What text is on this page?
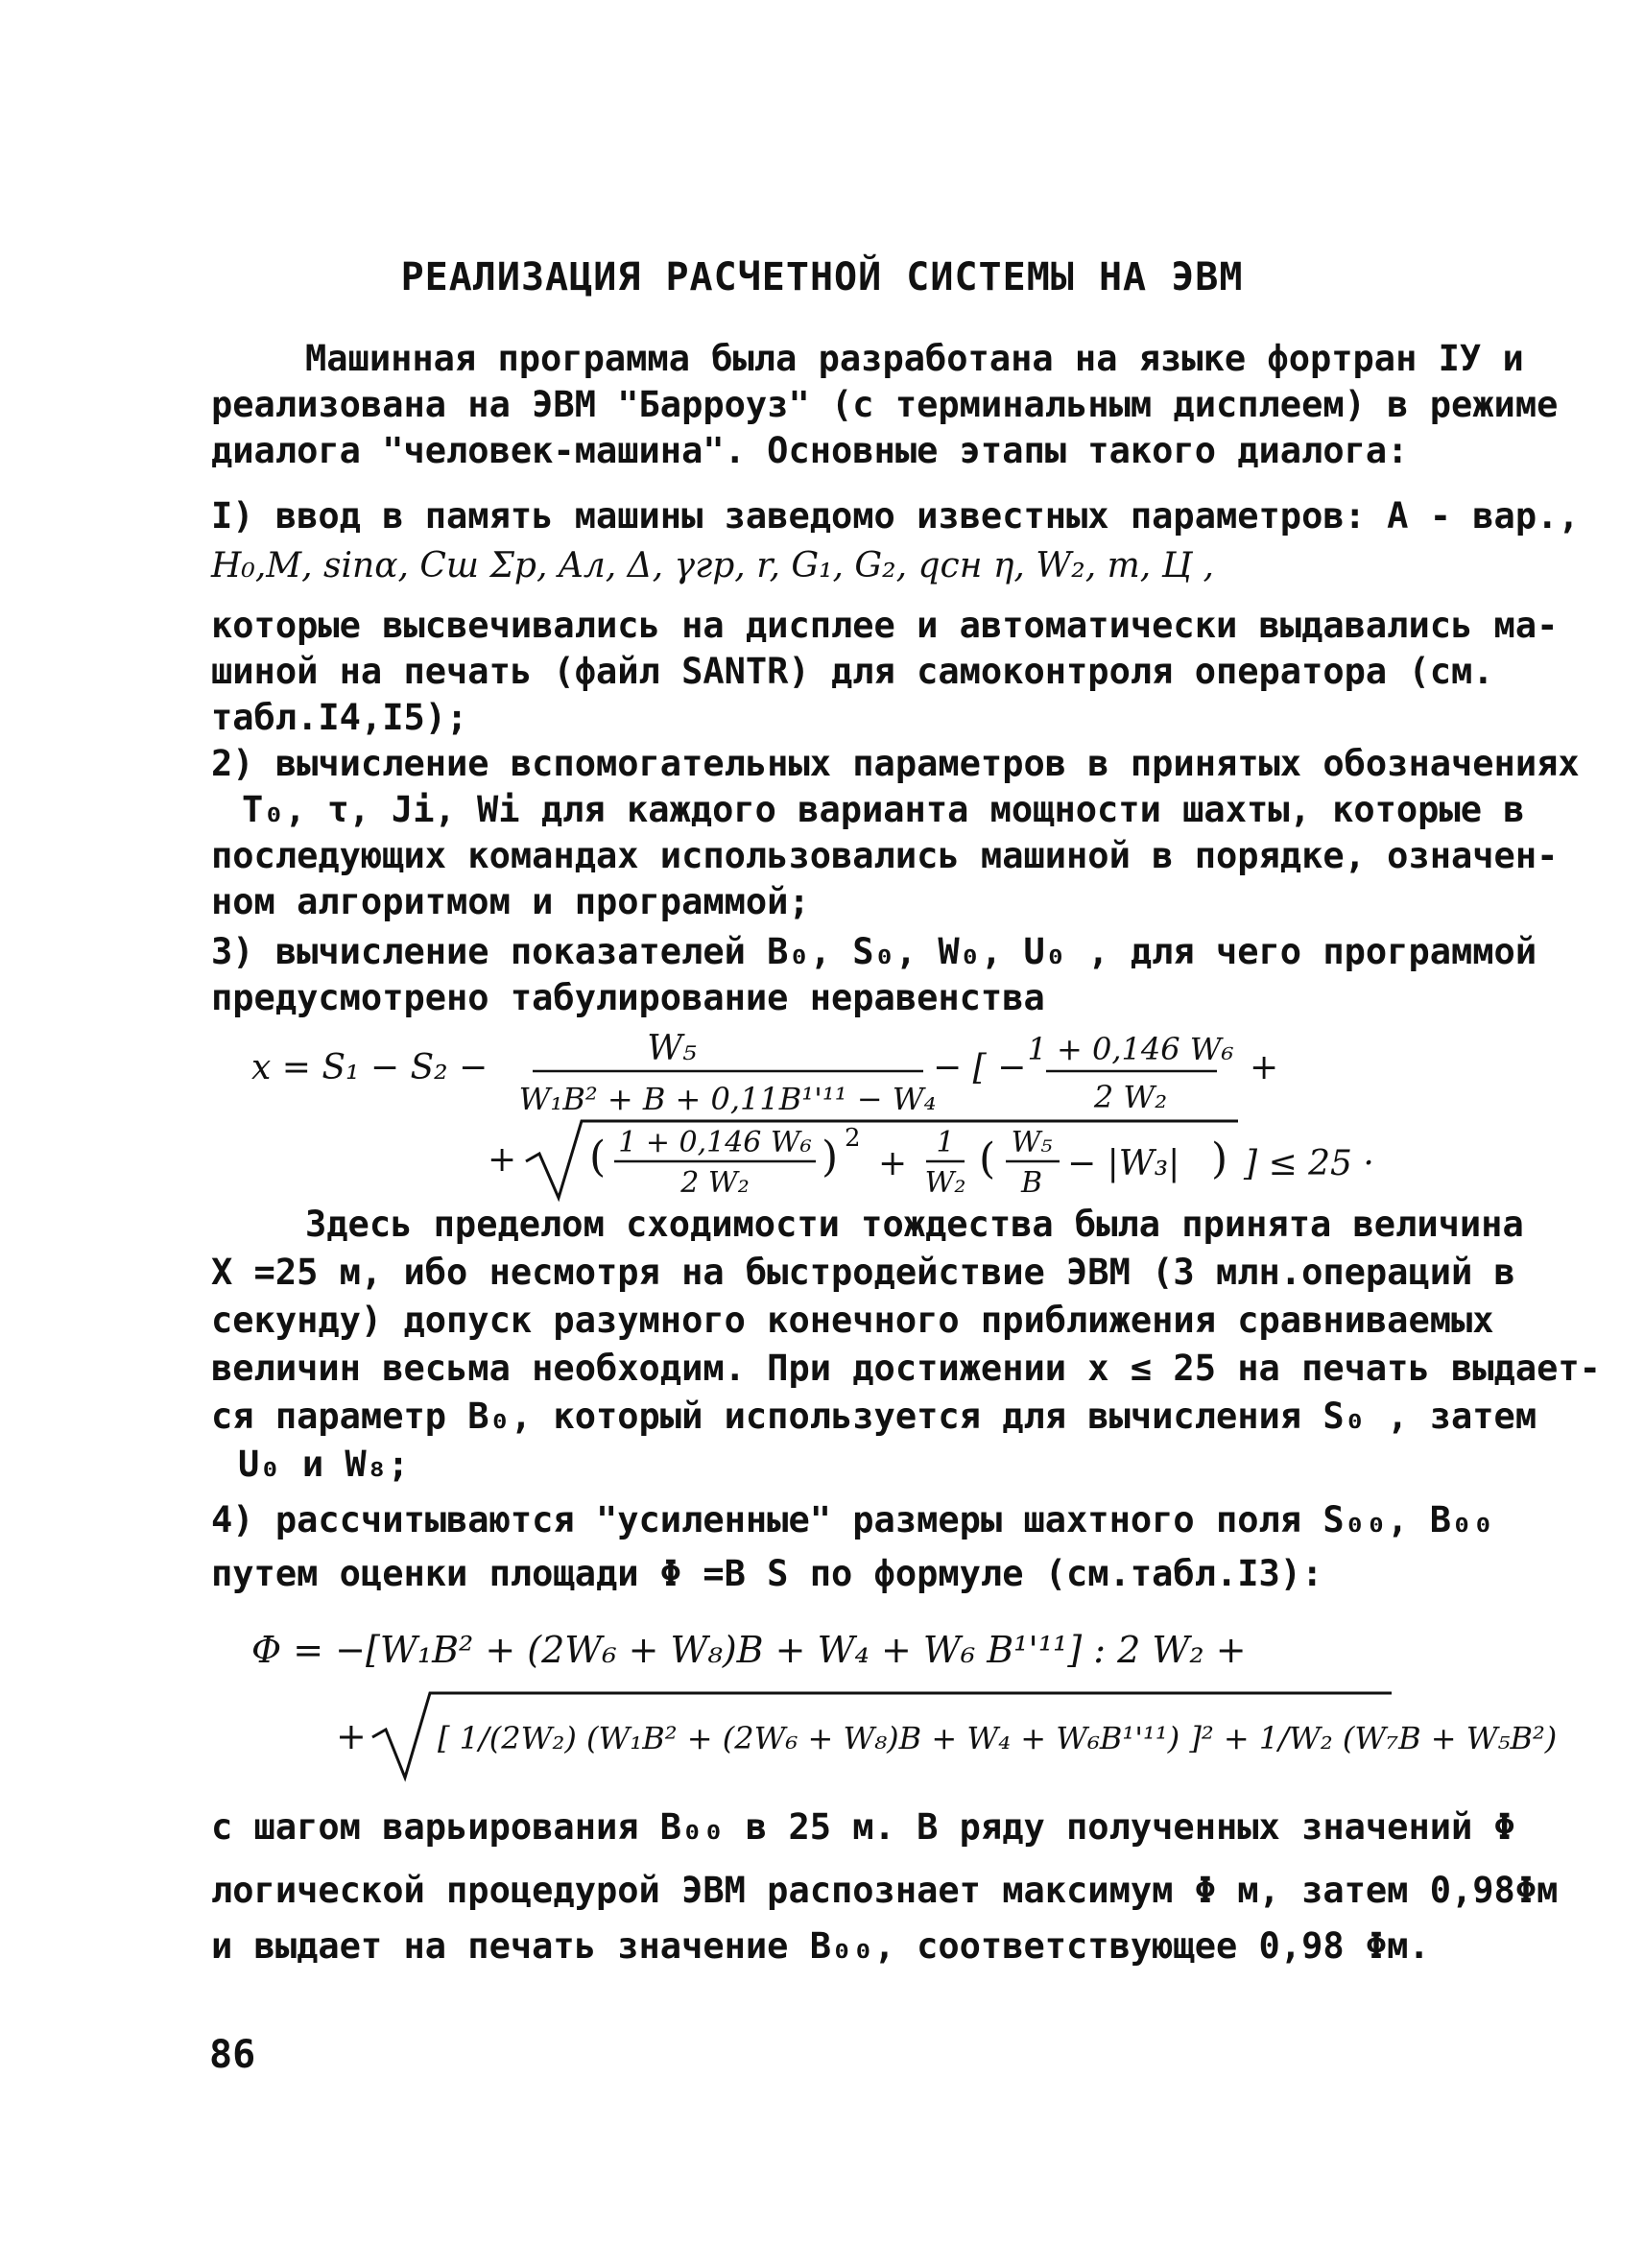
РЕАЛИЗАЦИЯ РАСЧЕТНОЙ СИСТЕМЫ НА ЭВМ
Машинная программа была разработана на языке фортран IУ и
реализована на ЭВМ "Барроуз" (с терминальным дисплеем) в режиме
диалога "человек-машина". Основные этапы такого диалога:
I) ввод в память машины заведомо известных параметров: А - вар.,
H₀,M, sinα, Cш Σp, Aл, Δ, γгр, r, G₁, G₂, qсн η, W₂, m, Ц ,
которые высвечивались на дисплее и автоматически выдавались ма-
шиной на печать (файл SANTR) для самоконтроля оператора (см.
табл.I4,I5);
2) вычисление вспомогательных параметров в принятых обозначениях
T₀, τ, Ji, Wi для каждого варианта мощности шахты, которые в
последующих командах использовались машиной в порядке, означен-
ном алгоритмом и программой;
3) вычисление показателей B₀, S₀, W₀, U₀ , для чего программой
предусмотрено табулирование неравенства
x = S₁ − S₂ −	W₅
W₁B² + B + 0,11B¹'¹¹ − W₄
− [ − 1 + 0,146 W₆
2 W₂
+
+ ( 1 + 0,146 W₆
2 W₂
) 2
+
1
W₂ ( W₅
B − |W₃| ) ] ≤ 25 ·
Здесь пределом сходимости тождества была принята величина
X =25 м, ибо несмотря на быстродействие ЭВМ (3 млн.операций в
секунду) допуск разумного конечного приближения сравниваемых
величин весьма необходим. При достижении x ≤ 25 на печать выдает-
ся параметр B₀, который используется для вычисления S₀ , затем
U₀ и W₈;
4) рассчитываются "усиленные" размеры шахтного поля S₀₀, B₀₀
путем оценки площади Φ =B S по формуле (см.табл.I3):
Φ = −[W₁B² + (2W₆ + W₈)B + W₄ + W₆ B¹'¹¹] : 2 W₂ +
+ [ 1/(2W₂) (W₁B² + (2W₆ + W₈)B + W₄ + W₆B¹'¹¹) ]² + 1/W₂ (W₇B + W₅B²)
с шагом варьирования B₀₀ в 25 м. В ряду полученных значений Φ
логической процедурой ЭВМ распознает максимум Φ м, затем 0,98Φм
и выдает на печать значение B₀₀, соответствующее 0,98 Φм.
86
